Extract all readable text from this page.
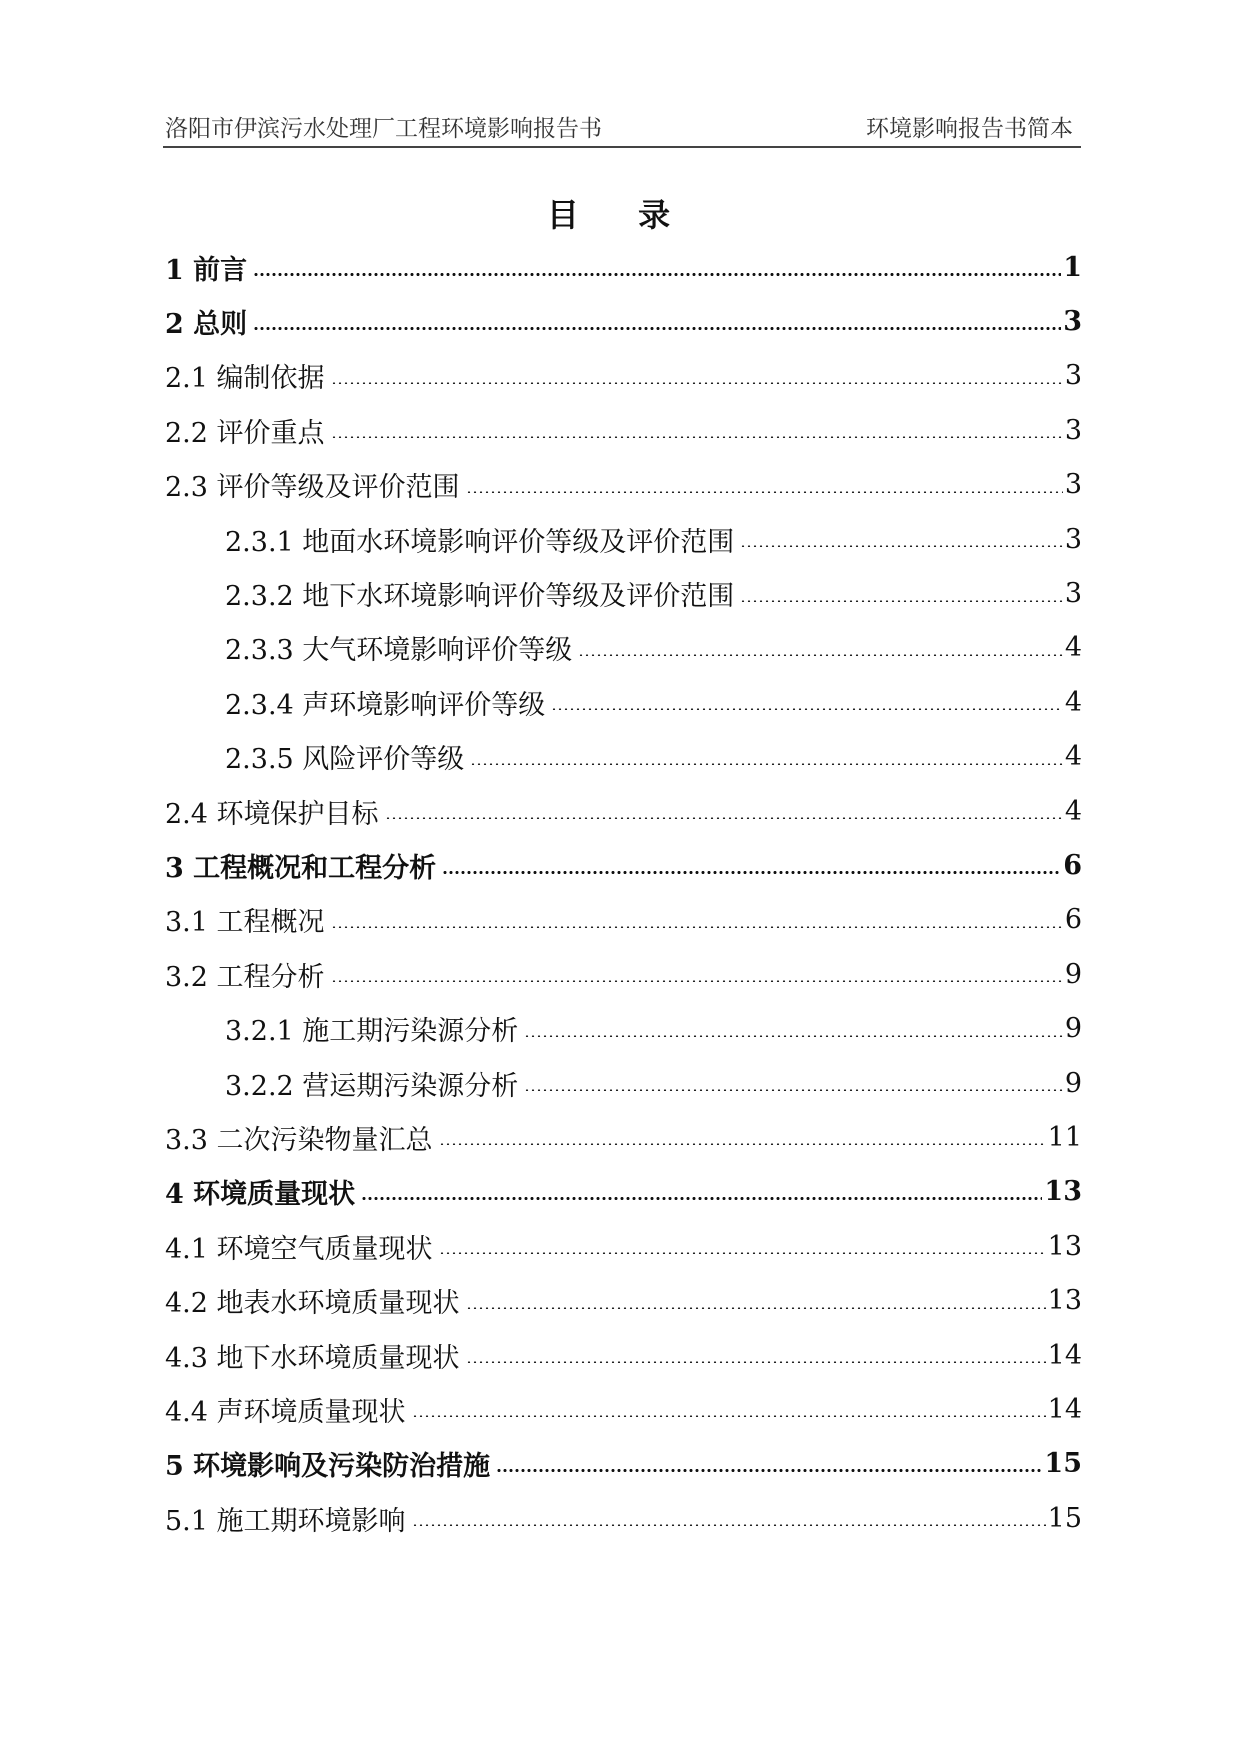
洛阳市伊滨污水处理厂工程环境影响报告书	环境影响报告书简本
目 录
1 前言	1
2 总则	3
2.1 编制依据	3
2.2 评价重点	3
2.3 评价等级及评价范围	3
2.3.1 地面水环境影响评价等级及评价范围	3
2.3.2 地下水环境影响评价等级及评价范围	3
2.3.3 大气环境影响评价等级	4
2.3.4 声环境影响评价等级	4
2.3.5 风险评价等级	4
2.4 环境保护目标	4
3 工程概况和工程分析	6
3.1 工程概况	6
3.2 工程分析	9
3.2.1 施工期污染源分析	9
3.2.2 营运期污染源分析	9
3.3 二次污染物量汇总	11
4 环境质量现状	13
4.1 环境空气质量现状	13
4.2 地表水环境质量现状	13
4.3 地下水环境质量现状	14
4.4 声环境质量现状	14
5 环境影响及污染防治措施	15
5.1 施工期环境影响	15
